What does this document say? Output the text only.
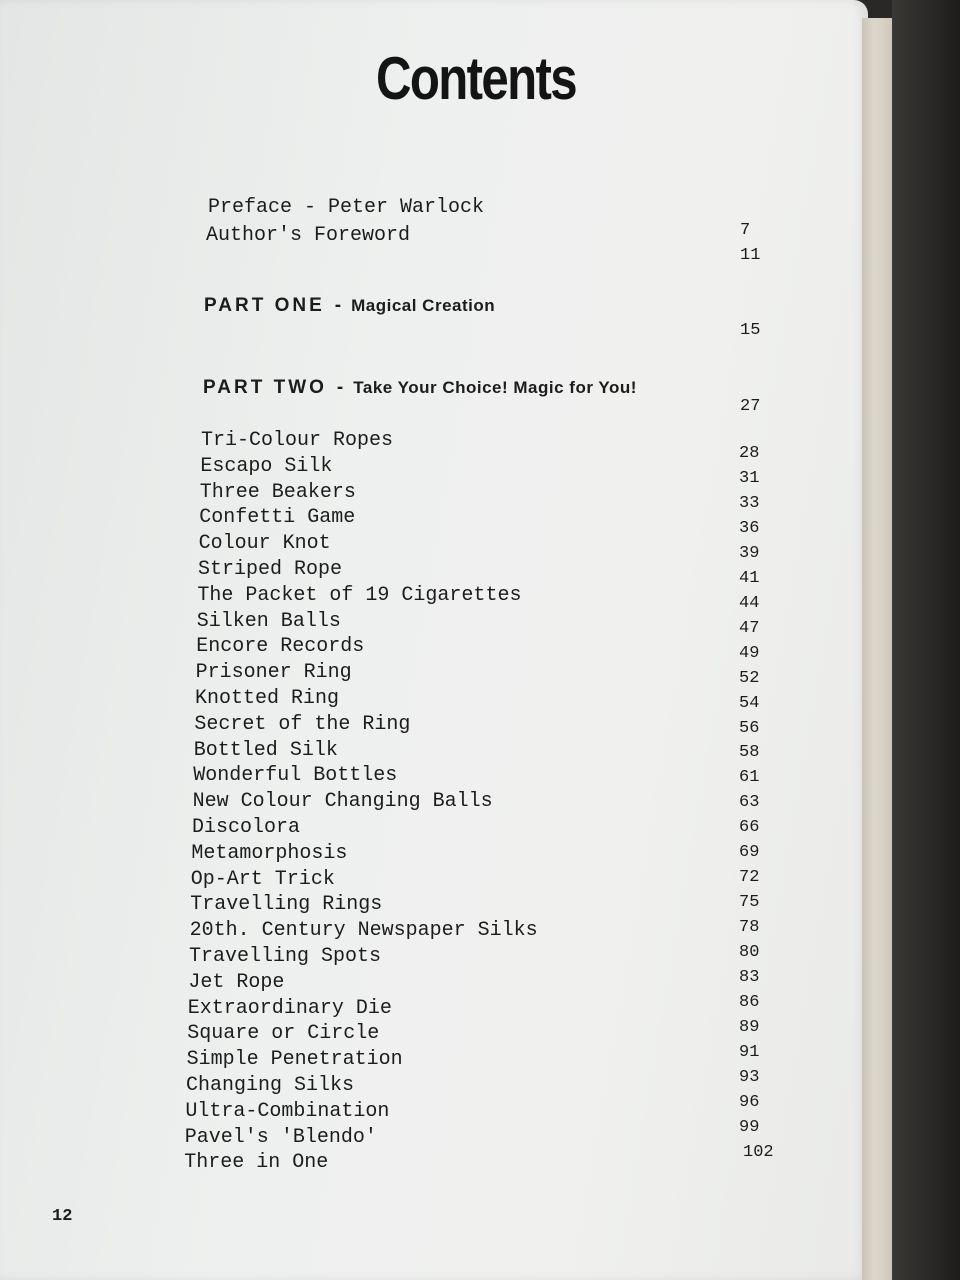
Contents
Preface - Peter Warlock
Author's Foreword	7
11
PART ONE - Magical Creation
15
PART TWO - Take Your Choice! Magic for You!
27
Tri-Colour Ropes
Escapo Silk
Three Beakers
Confetti Game
Colour Knot
Striped Rope
The Packet of 19 Cigarettes
Silken Balls
Encore Records
Prisoner Ring
Knotted Ring
Secret of the Ring
Bottled Silk
Wonderful Bottles
New Colour Changing Balls
Discolora
Metamorphosis
Op-Art Trick
Travelling Rings
20th. Century Newspaper Silks
Travelling Spots
Jet Rope
Extraordinary Die
Square or Circle
Simple Penetration
Changing Silks
Ultra-Combination
Pavel's 'Blendo'
Three in One
28
31
33
36
39
41
44
47
49
52
54
56
58
61
63
66
69
72
75
78
80
83
86
89
91
93
96
99
102
12
